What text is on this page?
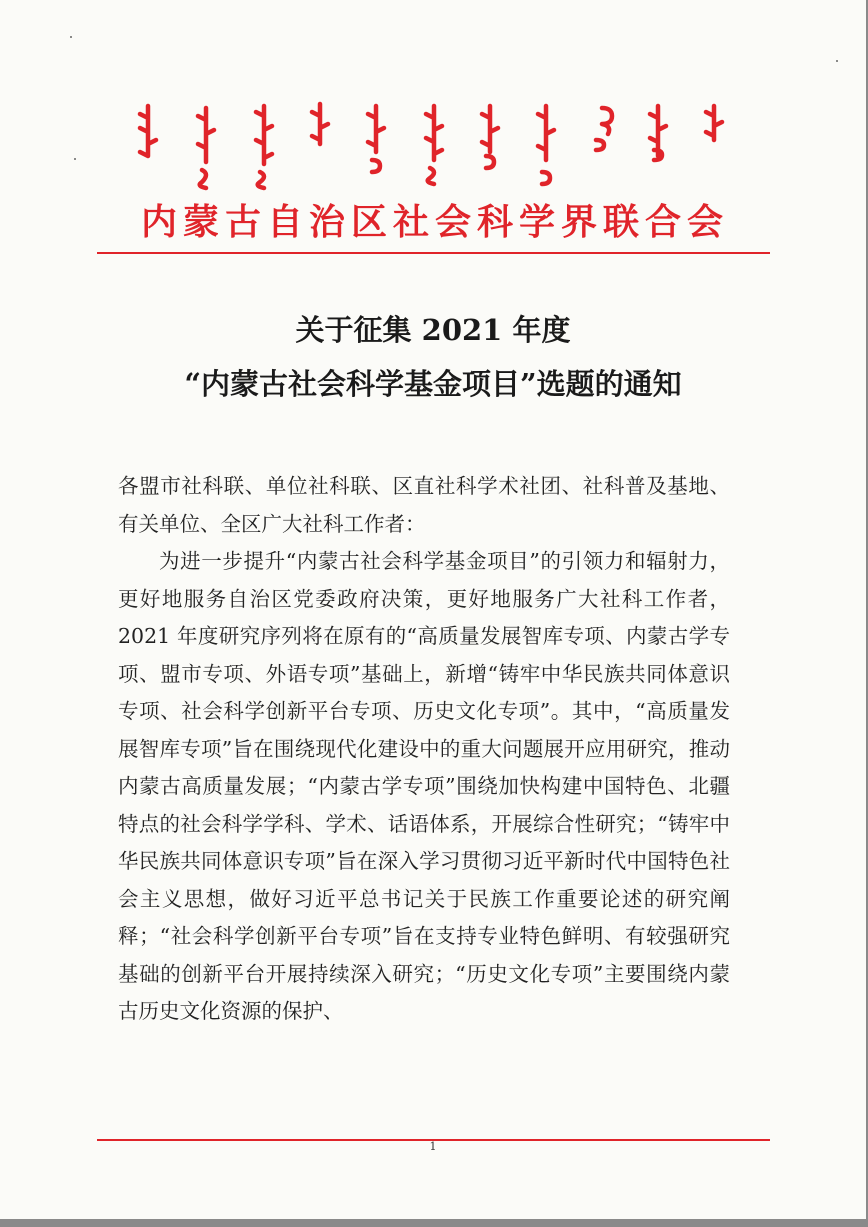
内蒙古自治区社会科学界联合会
关于征集 2021 年度
“内蒙古社会科学基金项目”选题的通知

各盟市社科联、单位社科联、区直社科学术社团、社科普及基地、有关单位、全区广大社科工作者：

为进一步提升“内蒙古社会科学基金项目”的引领力和辐射力，更好地服务自治区党委政府决策，更好地服务广大社科工作者，2021 年度研究序列将在原有的“高质量发展智库专项、内蒙古学专项、盟市专项、外语专项”基础上，新增“铸牢中华民族共同体意识专项、社会科学创新平台专项、历史文化专项”。其中，“高质量发展智库专项”旨在围绕现代化建设中的重大问题展开应用研究，推动内蒙古高质量发展；“内蒙古学专项”围绕加快构建中国特色、北疆特点的社会科学学科、学术、话语体系，开展综合性研究；“铸牢中华民族共同体意识专项”旨在深入学习贯彻习近平新时代中国特色社会主义思想，做好习近平总书记关于民族工作重要论述的研究阐释；“社会科学创新平台专项”旨在支持专业特色鲜明、有较强研究基础的创新平台开展持续深入研究；“历史文化专项”主要围绕内蒙古历史文化资源的保护、

1
